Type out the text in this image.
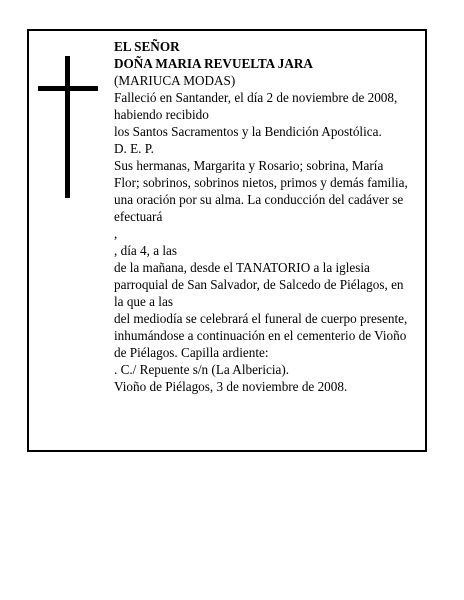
EL SEÑOR
DOÑA MARIA REVUELTA JARA
(MARIUCA MODAS)
Falleció en Santander, el día 2 de noviembre de 2008,
habiendo recibido
los Santos Sacramentos y la Bendición Apostólica.
D. E. P.
Sus hermanas, Margarita y Rosario; sobrina, María
Flor; sobrinos, sobrinos nietos, primos y demás familia,
una oración por su alma. La conducción del cadáver se
efectuará
,
, día 4, a las
de la mañana, desde el TANATORIO a la iglesia
parroquial de San Salvador, de Salcedo de Piélagos, en
la que a las
del mediodía se celebrará el funeral de cuerpo presente,
inhumándose a continuación en el cementerio de Vioño
de Piélagos. Capilla ardiente:
. C./ Repuente s/n (La Albericia).
Vioño de Piélagos, 3 de noviembre de 2008.
